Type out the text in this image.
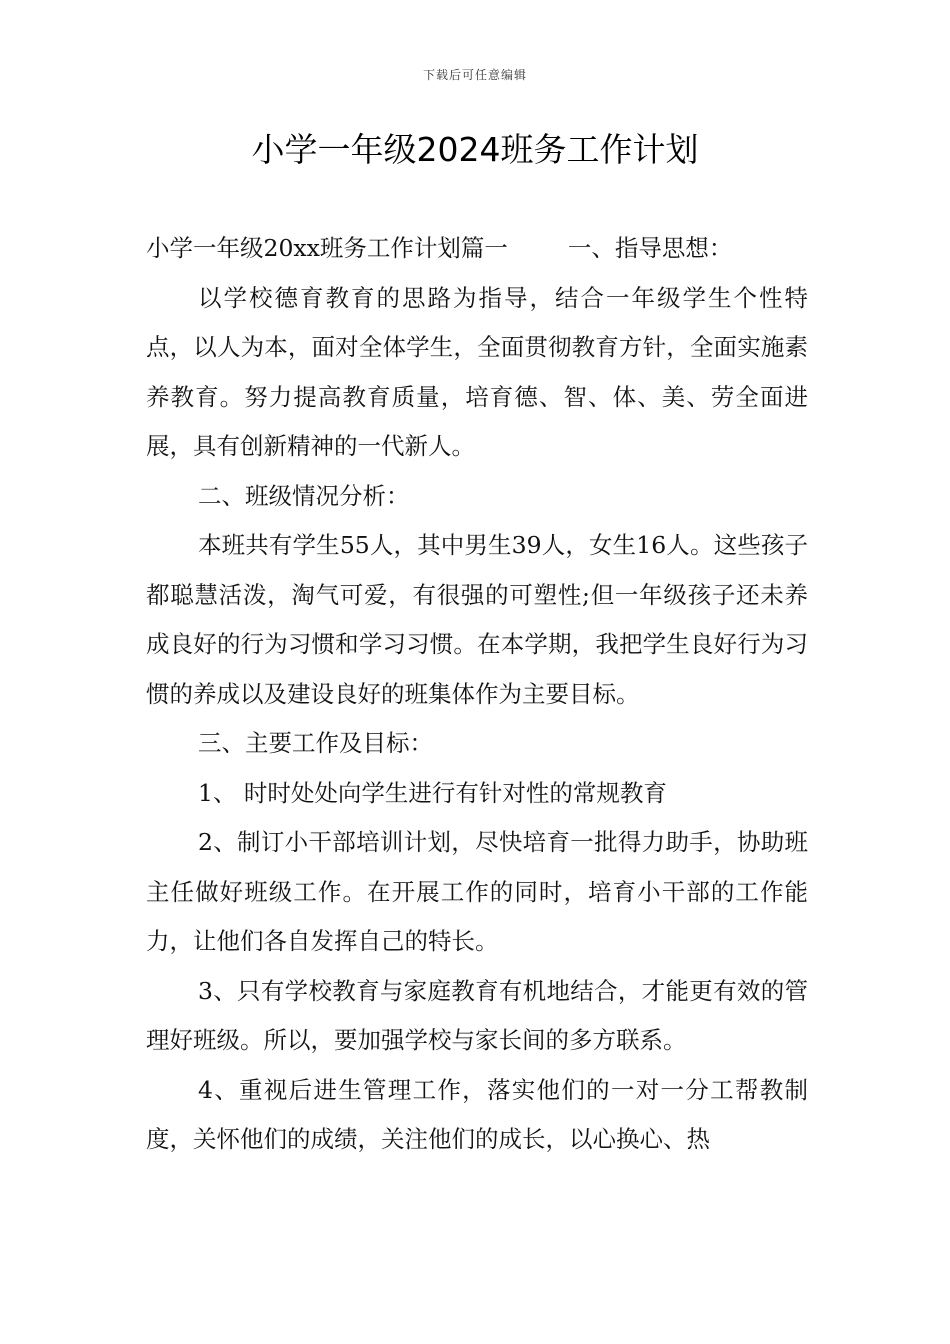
下载后可任意编辑
小学一年级2024班务工作计划

小学一年级20xx班务工作计划篇一	一、指导思想：

以学校德育教育的思路为指导，结合一年级学生个性特点，以人为本，面对全体学生，全面贯彻教育方针，全面实施素养教育。努力提高教育质量，培育德、智、体、美、劳全面进展，具有创新精神的一代新人。

二、班级情况分析：

本班共有学生55人，其中男生39人，女生16人。这些孩子都聪慧活泼，淘气可爱，有很强的可塑性;但一年级孩子还未养成良好的行为习惯和学习习惯。在本学期，我把学生良好行为习惯的养成以及建设良好的班集体作为主要目标。

三、主要工作及目标：

1、 时时处处向学生进行有针对性的常规教育

2、制订小干部培训计划，尽快培育一批得力助手，协助班主任做好班级工作。在开展工作的同时，培育小干部的工作能力，让他们各自发挥自己的特长。

3、只有学校教育与家庭教育有机地结合，才能更有效的管理好班级。所以，要加强学校与家长间的多方联系。

4、重视后进生管理工作，落实他们的一对一分工帮教制度，关怀他们的成绩，关注他们的成长，以心换心、热
